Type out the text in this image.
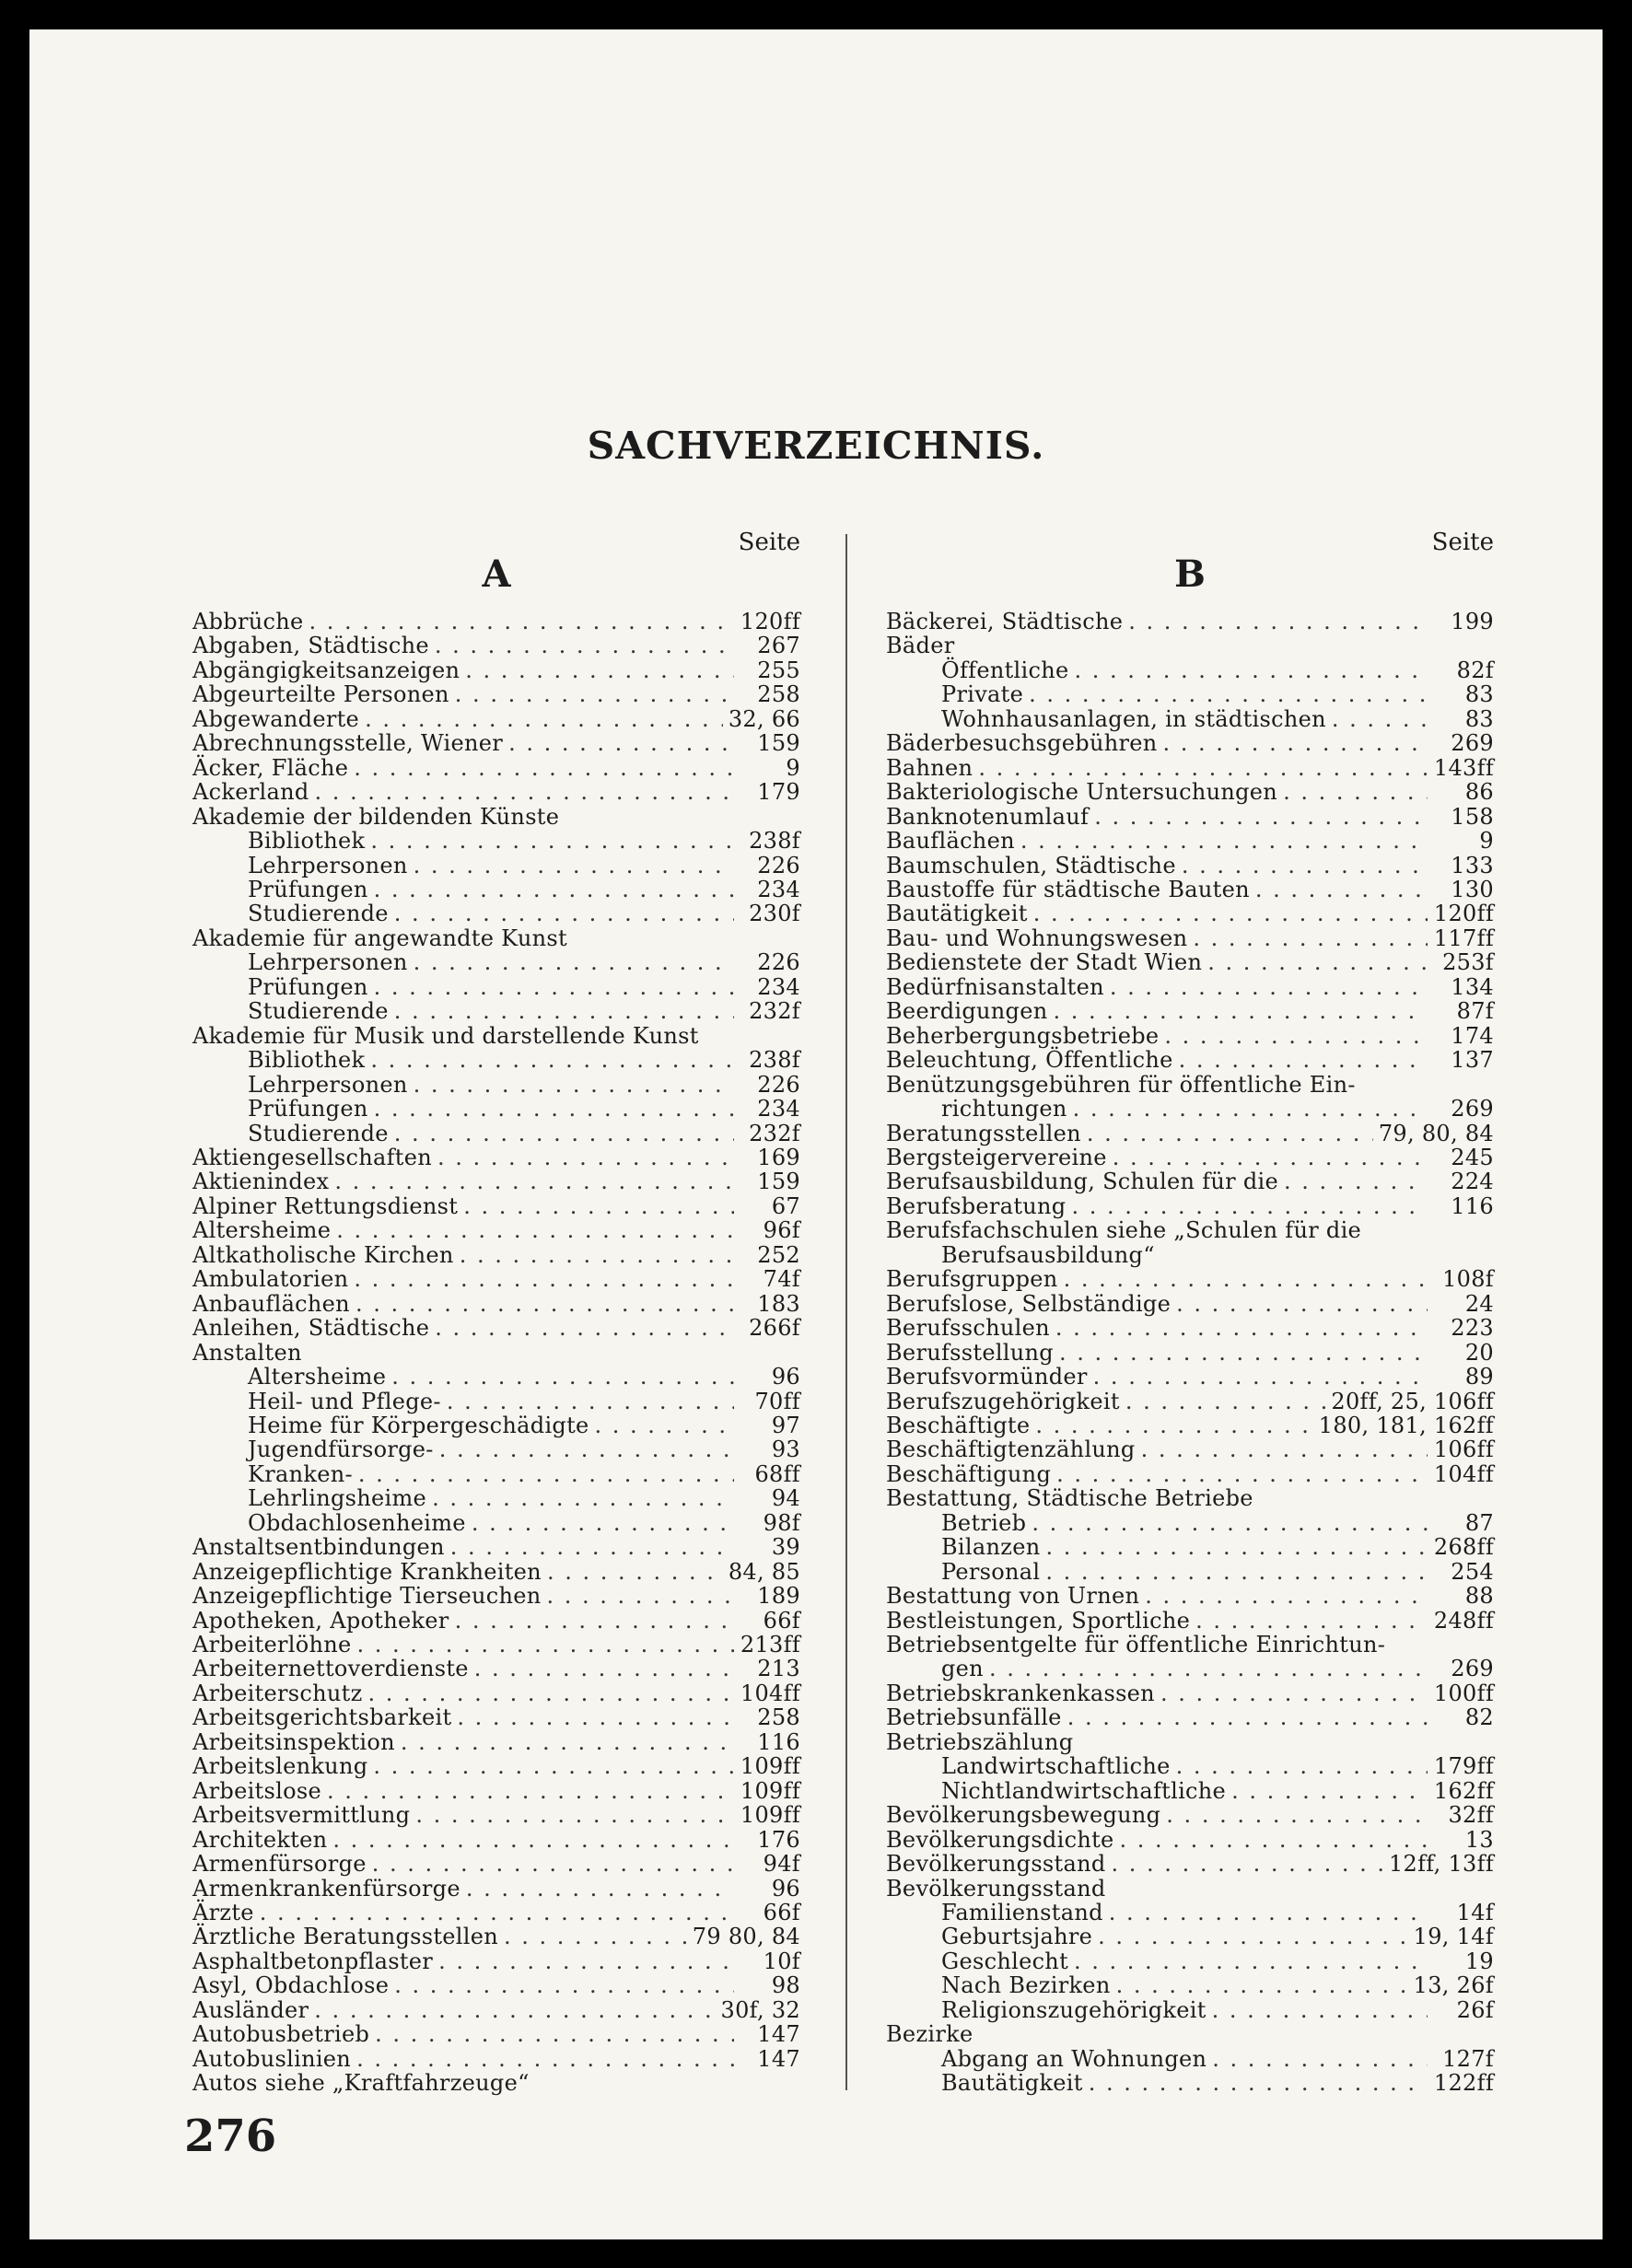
SACHVERZEICHNIS.
Seite
A
Abbrüche . . .	120ff
Abgaben, Städtische . . .	267
Abgängigkeitsanzeigen . . .	255
Abgeurteilte Personen . . .	258
Abgewanderte . . .	32, 66
Abrechnungsstelle, Wiener . . .	159
Äcker, Fläche . . .	9
Ackerland . . .	179
Akademie der bildenden Künste
Bibliothek . . .	238f
Lehrpersonen . . .	226
Prüfungen . . .	234
Studierende . . .	230f
Akademie für angewandte Kunst
Lehrpersonen . . .	226
Prüfungen . . .	234
Studierende . . .	232f
Akademie für Musik und darstellende Kunst
Bibliothek . . .	238f
Lehrpersonen . . .	226
Prüfungen . . .	234
Studierende . . .	232f
Aktiengesellschaften . . .	169
Aktienindex . . .	159
Alpiner Rettungsdienst . . .	67
Altersheime . . .	96f
Altkatholische Kirchen . . .	252
Ambulatorien . . .	74f
Anbauflächen . . .	183
Anleihen, Städtische . . .	266f
Anstalten
Altersheime . . .	96
Heil- und Pflege- . . .	70ff
Heime für Körpergeschädigte . . .	97
Jugendfürsorge- . . .	93
Kranken- . . .	68ff
Lehrlingsheime . . .	94
Obdachlosenheime . . .	98f
Anstaltsentbindungen . . .	39
Anzeigepflichtige Krankheiten . . .	84, 85
Anzeigepflichtige Tierseuchen . . .	189
Apotheken, Apotheker . . .	66f
Arbeiterlöhne . . .	213ff
Arbeiternettoverdienste . . .	213
Arbeiterschutz . . .	104ff
Arbeitsgerichtsbarkeit . . .	258
Arbeitsinspektion . . .	116
Arbeitslenkung . . .	109ff
Arbeitslose . . .	109ff
Arbeitsvermittlung . . .	109ff
Architekten . . .	176
Armenfürsorge . . .	94f
Armenkrankenfürsorge . . .	96
Ärzte . . .	66f
Ärztliche Beratungsstellen . . .	79 80, 84
Asphaltbetonpflaster . . .	10f
Asyl, Obdachlose . . .	98
Ausländer . . .	30f, 32
Autobusbetrieb . . .	147
Autobuslinien . . .	147
Autos siehe „Kraftfahrzeuge“
Seite
B
Bäckerei, Städtische . . .	199
Bäder
Öffentliche . . .	82f
Private . . .	83
Wohnhausanlagen, in städtischen . . .	83
Bäderbesuchsgebühren . . .	269
Bahnen . . .	143ff
Bakteriologische Untersuchungen . . .	86
Banknotenumlauf . . .	158
Bauflächen . . .	9
Baumschulen, Städtische . . .	133
Baustoffe für städtische Bauten . . .	130
Bautätigkeit . . .	120ff
Bau- und Wohnungswesen . . .	117ff
Bedienstete der Stadt Wien . . .	253f
Bedürfnisanstalten . . .	134
Beerdigungen . . .	87f
Beherbergungsbetriebe . . .	174
Beleuchtung, Öffentliche . . .	137
Benützungsgebühren für öffentliche Ein-
richtungen . . .	269
Beratungsstellen . . .	79, 80, 84
Bergsteigervereine . . .	245
Berufsausbildung, Schulen für die . . .	224
Berufsberatung . . .	116
Berufsfachschulen siehe „Schulen für die
Berufsausbildung“
Berufsgruppen . . .	108f
Berufslose, Selbständige . . .	24
Berufsschulen . . .	223
Berufsstellung . . .	20
Berufsvormünder . . .	89
Berufszugehörigkeit . . .	20ff, 25, 106ff
Beschäftigte . . .	180, 181, 162ff
Beschäftigtenzählung . . .	106ff
Beschäftigung . . .	104ff
Bestattung, Städtische Betriebe
Betrieb . . .	87
Bilanzen . . .	268ff
Personal . . .	254
Bestattung von Urnen . . .	88
Bestleistungen, Sportliche . . .	248ff
Betriebsentgelte für öffentliche Einrichtun-
gen . . .	269
Betriebskrankenkassen . . .	100ff
Betriebsunfälle . . .	82
Betriebszählung
Landwirtschaftliche . . .	179ff
Nichtlandwirtschaftliche . . .	162ff
Bevölkerungsbewegung . . .	32ff
Bevölkerungsdichte . . .	13
Bevölkerungsstand . . .	12ff, 13ff
Bevölkerungsstand
Familienstand . . .	14f
Geburtsjahre . . .	19, 14f
Geschlecht . . .	19
Nach Bezirken . . .	13, 26f
Religionszugehörigkeit . . .	26f
Bezirke
Abgang an Wohnungen . . .	127f
Bautätigkeit . . .	122ff
276
